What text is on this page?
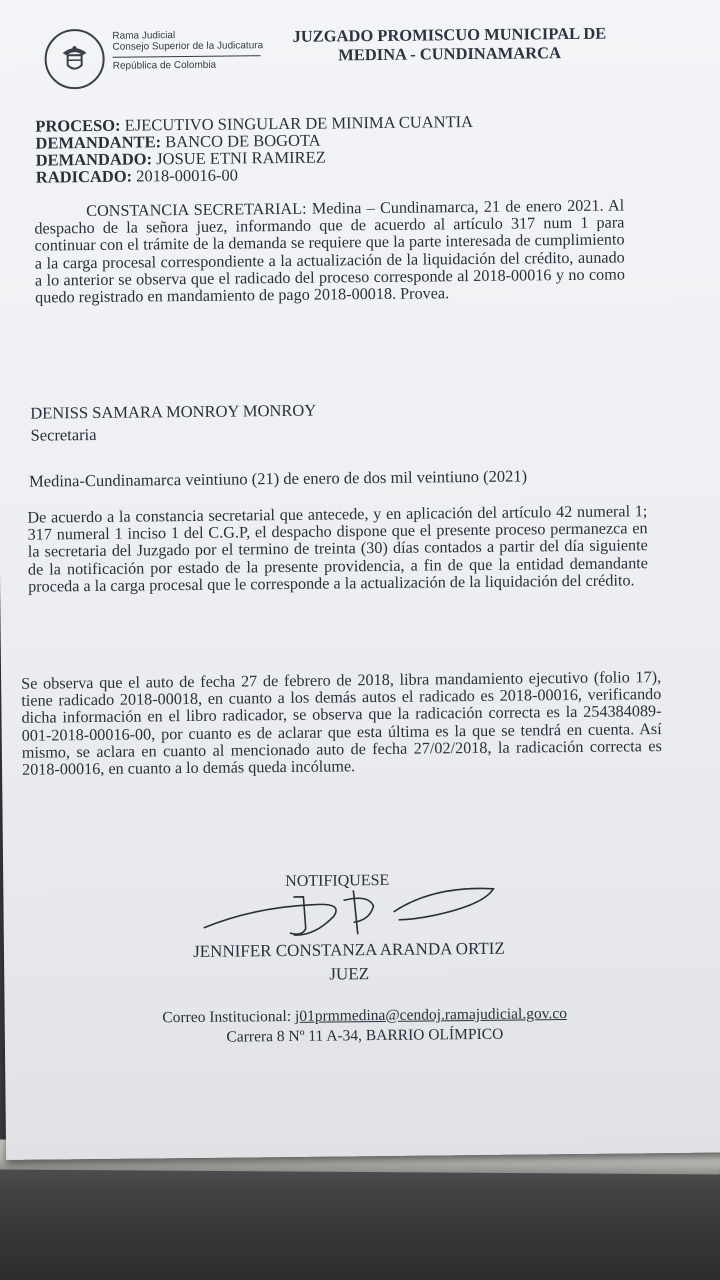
Rama Judicial
Consejo Superior de la Judicatura
República de Colombia
JUZGADO PROMISCUO MUNICIPAL DE
MEDINA - CUNDINAMARCA
PROCESO: EJECUTIVO SINGULAR DE MINIMA CUANTIA
DEMANDANTE: BANCO DE BOGOTA
DEMANDADO: JOSUE ETNI RAMIREZ
RADICADO: 2018-00016-00
CONSTANCIA SECRETARIAL: Medina – Cundinamarca, 21 de enero 2021. Al despacho de la señora juez, informando que de acuerdo al artículo 317 num 1 para continuar con el trámite de la demanda se requiere que la parte interesada de cumplimiento a la carga procesal correspondiente a la actualización de la liquidación del crédito, aunado a lo anterior se observa que el radicado del proceso corresponde al 2018-00016 y no como quedo registrado en mandamiento de pago 2018-00018. Provea.
DENISS SAMARA MONROY MONROY
Secretaria
Medina-Cundinamarca veintiuno (21) de enero de dos mil veintiuno (2021)
De acuerdo a la constancia secretarial que antecede, y en aplicación del artículo 42 numeral 1; 317 numeral 1 inciso 1 del C.G.P, el despacho dispone que el presente proceso permanezca en la secretaria del Juzgado por el termino de treinta (30) días contados a partir del día siguiente de la notificación por estado de la presente providencia, a fin de que la entidad demandante proceda a la carga procesal que le corresponde a la actualización de la liquidación del crédito.
Se observa que el auto de fecha 27 de febrero de 2018, libra mandamiento ejecutivo (folio 17), tiene radicado 2018-00018, en cuanto a los demás autos el radicado es 2018-00016, verificando dicha información en el libro radicador, se observa que la radicación correcta es la 254384089-001-2018-00016-00, por cuanto es de aclarar que esta última es la que se tendrá en cuenta. Así mismo, se aclara en cuanto al mencionado auto de fecha 27/02/2018, la radicación correcta es 2018-00016, en cuanto a lo demás queda incólume.
NOTIFIQUESE
JENNIFER CONSTANZA ARANDA ORTIZ
JUEZ
Correo Institucional: j01prmmedina@cendoj.ramajudicial.gov.co
Carrera 8 Nº 11 A-34, BARRIO OLÍMPICO
